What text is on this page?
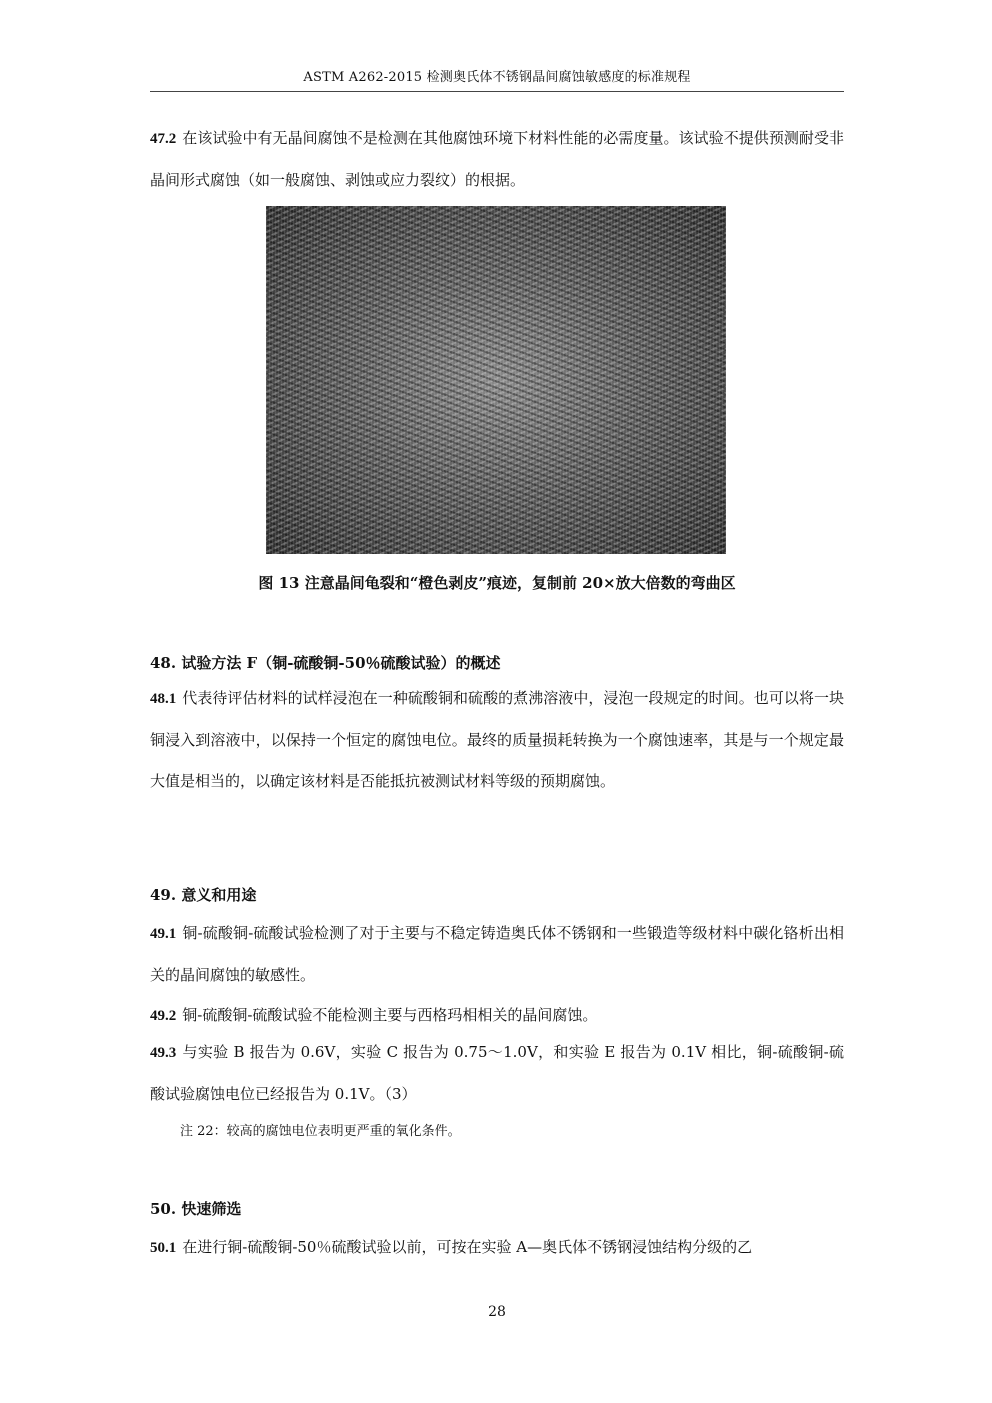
ASTM A262-2015 检测奥氏体不锈钢晶间腐蚀敏感度的标准规程
47.2 在该试验中有无晶间腐蚀不是检测在其他腐蚀环境下材料性能的必需度量。该试验不提供预测耐受非晶间形式腐蚀（如一般腐蚀、剥蚀或应力裂纹）的根据。
图 13 注意晶间龟裂和“橙色剥皮”痕迹，复制前 20×放大倍数的弯曲区
48. 试验方法 F（铜-硫酸铜-50％硫酸试验）的概述
48.1 代表待评估材料的试样浸泡在一种硫酸铜和硫酸的煮沸溶液中，浸泡一段规定的时间。也可以将一块铜浸入到溶液中，以保持一个恒定的腐蚀电位。最终的质量损耗转换为一个腐蚀速率，其是与一个规定最大值是相当的，以确定该材料是否能抵抗被测试材料等级的预期腐蚀。
49. 意义和用途
49.1 铜-硫酸铜-硫酸试验检测了对于主要与不稳定铸造奥氏体不锈钢和一些锻造等级材料中碳化铬析出相关的晶间腐蚀的敏感性。
49.2 铜-硫酸铜-硫酸试验不能检测主要与西格玛相相关的晶间腐蚀。
49.3 与实验 B 报告为 0.6V，实验 C 报告为 0.75～1.0V，和实验 E 报告为 0.1V 相比，铜-硫酸铜-硫酸试验腐蚀电位已经报告为 0.1V。（3）
注 22：较高的腐蚀电位表明更严重的氧化条件。
50. 快速筛选
50.1 在进行铜-硫酸铜-50％硫酸试验以前，可按在实验 A—奥氏体不锈钢浸蚀结构分级的乙
28
